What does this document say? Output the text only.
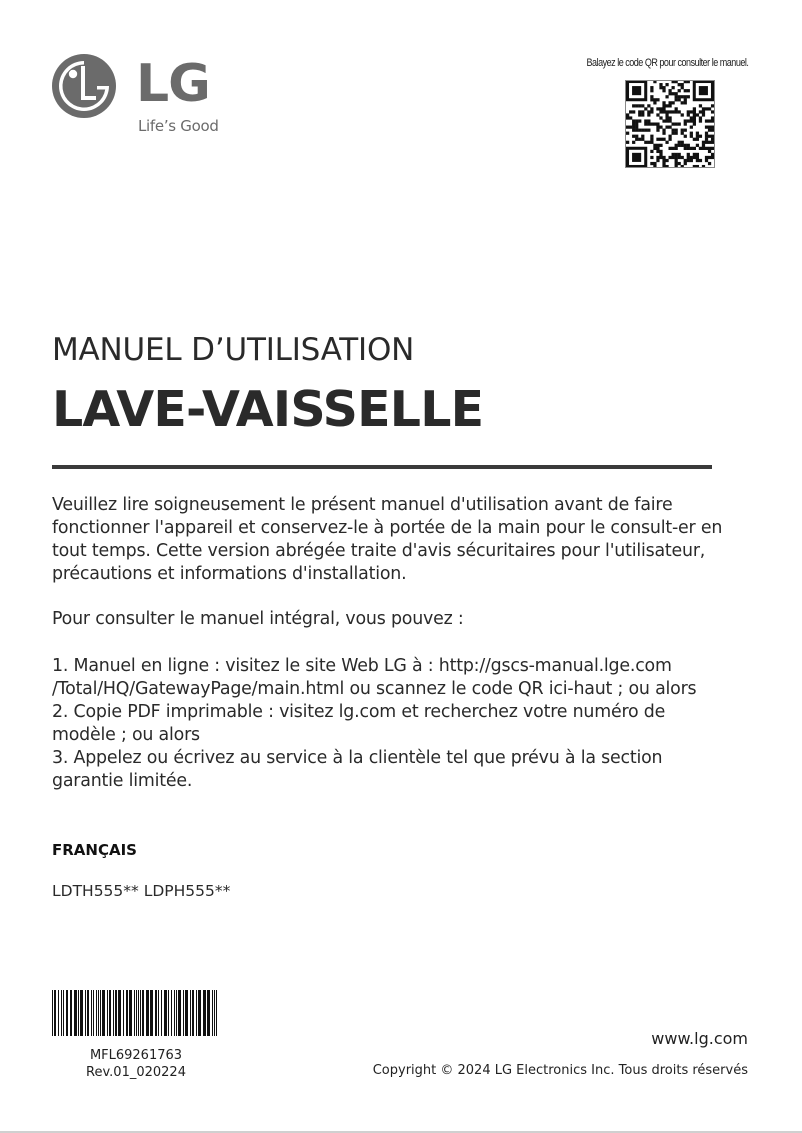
LG
Life’s Good
Balayez le code QR pour consulter le manuel.
MANUEL D’UTILISATION
LAVE-VAISSELLE
Veuillez lire soigneusement le présent manuel d'utilisation avant de faire fonctionner l'appareil et conservez-le à portée de la main pour le consult-er en tout temps. Cette version abrégée traite d'avis sécuritaires pour l'utilisateur, précautions et informations d'installation.
Pour consulter le manuel intégral, vous pouvez :
1. Manuel en ligne : visitez le site Web LG à : http://gscs-manual.lge.com /Total/HQ/GatewayPage/main.html ou scannez le code QR ici-haut ; ou alors
2. Copie PDF imprimable : visitez lg.com et recherchez votre numéro de modèle ; ou alors
3. Appelez ou écrivez au service à la clientèle tel que prévu à la section garantie limitée.
FRANÇAIS
LDTH555** LDPH555**
MFL69261763
Rev.01_020224
www.lg.com
Copyright © 2024 LG Electronics Inc. Tous droits réservés
